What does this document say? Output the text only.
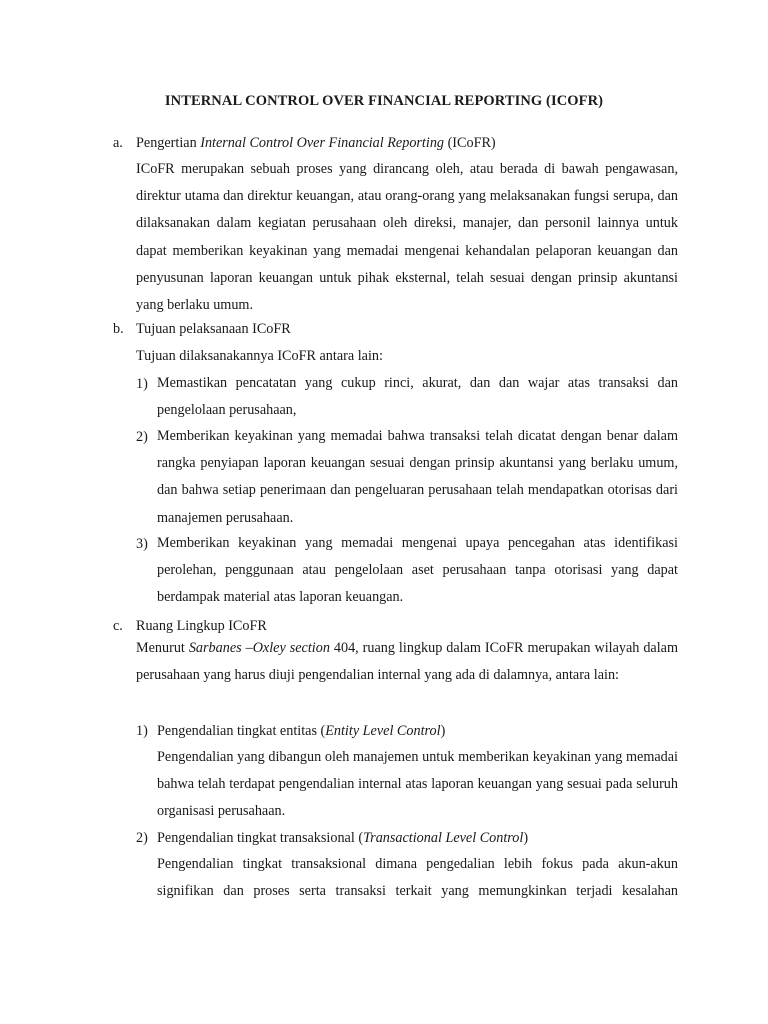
INTERNAL CONTROL OVER FINANCIAL REPORTING (ICOFR)
a. Pengertian Internal Control Over Financial Reporting (ICoFR)

ICoFR merupakan sebuah proses yang dirancang oleh, atau berada di bawah pengawasan, direktur utama dan direktur keuangan, atau orang-orang yang melaksanakan fungsi serupa, dan dilaksanakan dalam kegiatan perusahaan oleh direksi, manajer, dan personil lainnya untuk dapat memberikan keyakinan yang memadai mengenai kehandalan pelaporan keuangan dan penyusunan laporan keuangan untuk pihak eksternal, telah sesuai dengan prinsip akuntansi yang berlaku umum.

b. Tujuan pelaksanaan ICoFR
Tujuan dilaksanakannya ICoFR antara lain:
1) Memastikan pencatatan yang cukup rinci, akurat, dan dan wajar atas transaksi dan pengelolaan perusahaan,

2) Memberikan keyakinan yang memadai bahwa transaksi telah dicatat dengan benar dalam rangka penyiapan laporan keuangan sesuai dengan prinsip akuntansi yang berlaku umum, dan bahwa setiap penerimaan dan pengeluaran perusahaan telah mendapatkan otorisas dari manajemen perusahaan.

3) Memberikan keyakinan yang memadai mengenai upaya pencegahan atas identifikasi perolehan, penggunaan atau pengelolaan aset perusahaan tanpa otorisasi yang dapat berdampak material atas laporan keuangan.

c. Ruang Lingkup ICoFR

Menurut Sarbanes –Oxley section 404, ruang lingkup dalam ICoFR merupakan wilayah dalam perusahaan yang harus diuji pengendalian internal yang ada di dalamnya, antara lain:

1) Pengendalian tingkat entitas (Entity Level Control)

Pengendalian yang dibangun oleh manajemen untuk memberikan keyakinan yang memadai bahwa telah terdapat pengendalian internal atas laporan keuangan yang sesuai pada seluruh organisasi perusahaan.

2) Pengendalian tingkat transaksional (Transactional Level Control)

Pengendalian tingkat transaksional dimana pengedalian lebih fokus pada akun-akun signifikan dan proses serta transaksi terkait yang memungkinkan terjadi kesalahan
